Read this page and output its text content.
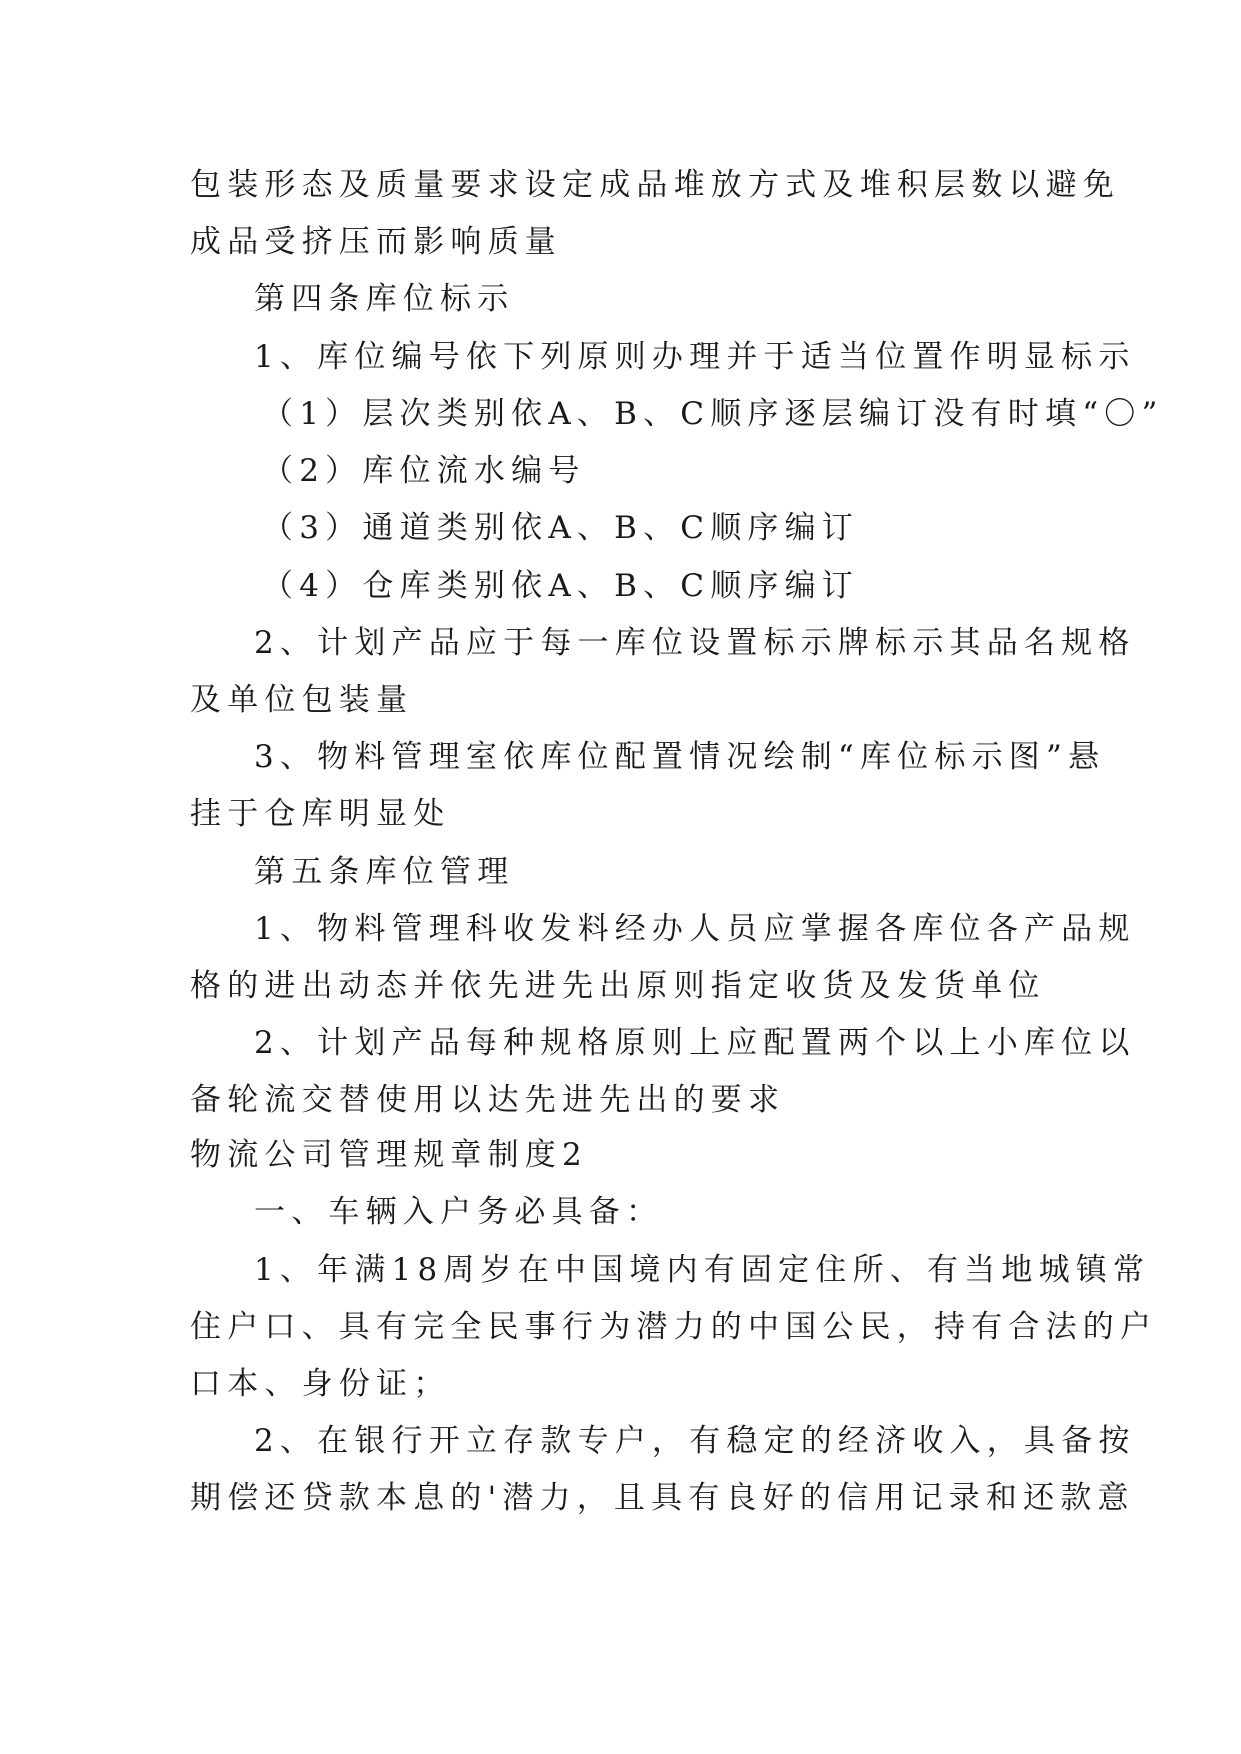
包装形态及质量要求设定成品堆放方式及堆积层数以避免
成品受挤压而影响质量
第四条库位标示
1、库位编号依下列原则办理并于适当位置作明显标示
（1）层次类别依A、B、C顺序逐层编订没有时填“〇”
（2）库位流水编号
（3）通道类别依A、B、C顺序编订
（4）仓库类别依A、B、C顺序编订
2、计划产品应于每一库位设置标示牌标示其品名规格
及单位包装量
3、物料管理室依库位配置情况绘制“库位标示图”悬
挂于仓库明显处
第五条库位管理
1、物料管理科收发料经办人员应掌握各库位各产品规
格的进出动态并依先进先出原则指定收货及发货单位
2、计划产品每种规格原则上应配置两个以上小库位以
备轮流交替使用以达先进先出的要求
物流公司管理规章制度2
一、车辆入户务必具备：
1、年满18周岁在中国境内有固定住所、有当地城镇常
住户口、具有完全民事行为潜力的中国公民，持有合法的户
口本、身份证；
2、在银行开立存款专户，有稳定的经济收入，具备按
期偿还贷款本息的'潜力，且具有良好的信用记录和还款意
